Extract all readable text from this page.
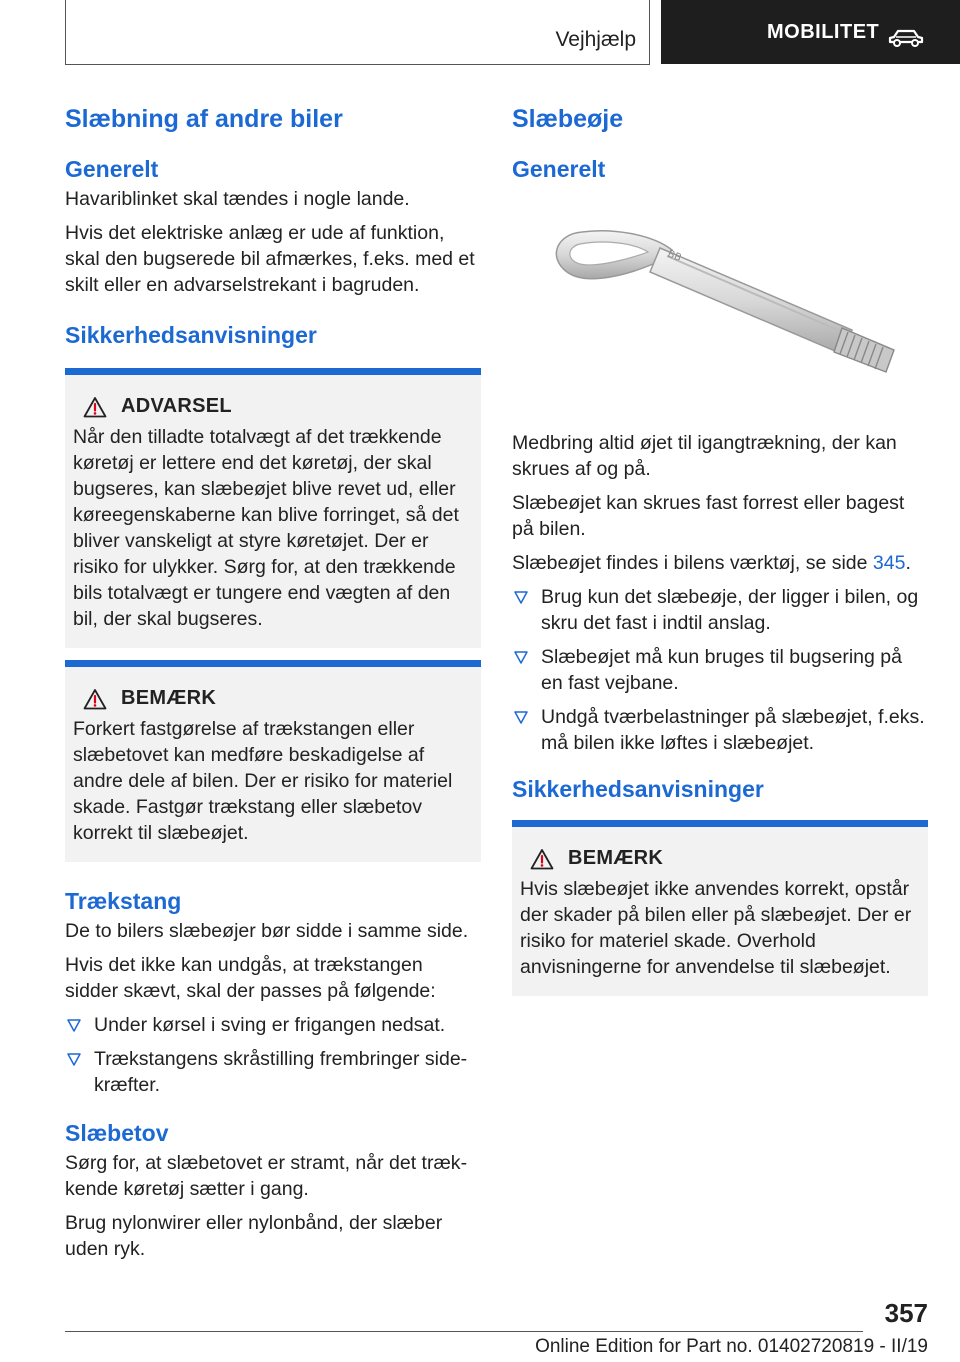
Vejhjælp	MOBILITET
Slæbning af andre biler
Generelt

Havariblinket skal tændes i nogle lande.

Hvis det elektriske anlæg er ude af funktion, skal den bugserede bil afmærkes, f.eks. med et skilt eller en advarselstrekant i bagruden.

Sikkerhedsanvisninger
ADVARSEL

Når den tilladte totalvægt af det trækkende køretøj er lettere end det køretøj, der skal bugseres, kan slæbeøjet blive revet ud, eller køreegenskaberne kan blive forringet, så det bliver vanskeligt at styre køretøjet. Der er risiko for ulykker. Sørg for, at den trækkende bils totalvægt er tungere end vægten af den bil, der skal bugseres.

BEMÆRK

Forkert fastgørelse af trækstangen eller slæbetovet kan medføre beskadigelse af andre dele af bilen. Der er risiko for materiel skade. Fastgør trækstang eller slæbetov korrekt til slæbeøjet.

Trækstang

De to bilers slæbeøjer bør sidde i samme side.

Hvis det ikke kan undgås, at trækstangen sidder skævt, skal der passes på følgende:

Under kørsel i sving er frigangen nedsat.
Trækstangens skråstilling frembringer sidekræfter.
Slæbetov

Sørg for, at slæbetovet er stramt, når det trækkende køretøj sætter i gang.

Brug nylonwirer eller nylonbånd, der slæber uden ryk.

Slæbeøje
Generelt
BB

Medbring altid øjet til igangtrækning, der kan skrues af og på.

Slæbeøjet kan skrues fast forrest eller bagest på bilen.

Slæbeøjet findes i bilens værktøj, se side 345.

Brug kun det slæbeøje, der ligger i bilen, og skru det fast i indtil anslag.
Slæbeøjet må kun bruges til bugsering på en fast vejbane.
Undgå tværbelastninger på slæbeøjet, f.eks. må bilen ikke løftes i slæbeøjet.
Sikkerhedsanvisninger
BEMÆRK

Hvis slæbeøjet ikke anvendes korrekt, opstår der skader på bilen eller på slæbeøjet. Der er risiko for materiel skade. Overhold anvisningerne for anvendelse til slæbeøjet.

357
Online Edition for Part no. 01402720819 - II/19
